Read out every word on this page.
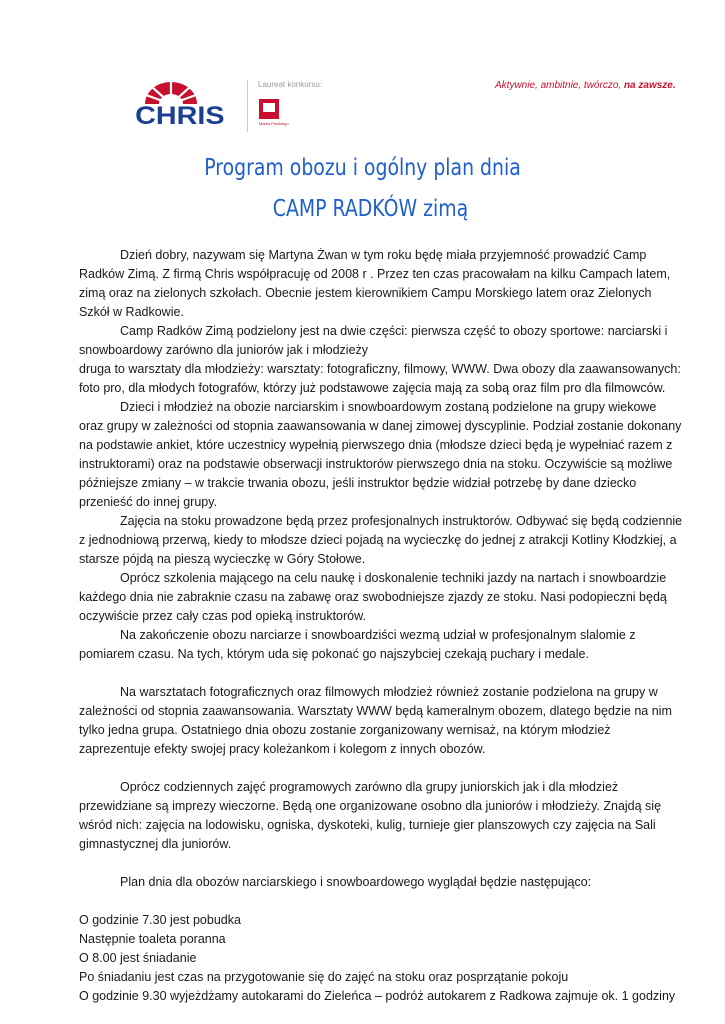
CHRIS
Laureat konkursu:
Marka Polskiego
Aktywnie, ambitnie, twórczo, na zawsze.
Program obozu i ogólny plan dnia
CAMP RADKÓW zimą

Dzień dobry, nazywam się Martyna Żwan w tym roku będę miała przyjemność prowadzić Camp Radków Zimą. Z firmą Chris współpracuję od 2008 r . Przez ten czas pracowałam na kilku Campach latem, zimą oraz na zielonych szkołach. Obecnie jestem kierownikiem Campu Morskiego latem oraz Zielonych Szkół w Radkowie.

Camp Radków Zimą podzielony jest na dwie części: pierwsza część to obozy sportowe: narciarski i snowboardowy zarówno dla juniorów jak i młodzieży

druga to warsztaty dla młodzieży: warsztaty: fotograficzny, filmowy, WWW. Dwa obozy dla zaawansowanych: foto pro, dla młodych fotografów, którzy już podstawowe zajęcia mają za sobą oraz film pro dla filmowców.

Dzieci i młodzież na obozie narciarskim i snowboardowym zostaną podzielone na grupy wiekowe oraz grupy w zależności od stopnia zaawansowania w danej zimowej dyscyplinie. Podział zostanie dokonany na podstawie ankiet, które uczestnicy wypełnią pierwszego dnia (młodsze dzieci będą je wypełniać razem z instruktorami) oraz na podstawie obserwacji instruktorów pierwszego dnia na stoku. Oczywiście są możliwe późniejsze zmiany – w trakcie trwania obozu, jeśli instruktor będzie widział potrzebę by dane dziecko przenieść do innej grupy.

Zajęcia na stoku prowadzone będą przez profesjonalnych instruktorów. Odbywać się będą codziennie z jednodniową przerwą, kiedy to młodsze dzieci pojadą na wycieczkę do jednej z atrakcji Kotliny Kłodzkiej, a starsze pójdą na pieszą wycieczkę w Góry Stołowe.

Oprócz szkolenia mającego na celu naukę i doskonalenie techniki jazdy na nartach i snowboardzie każdego dnia nie zabraknie czasu na zabawę oraz swobodniejsze zjazdy ze stoku. Nasi podopieczni będą oczywiście przez cały czas pod opieką instruktorów.

Na zakończenie obozu narciarze i snowboardziści wezmą udział w profesjonalnym slalomie z pomiarem czasu. Na tych, którym uda się pokonać go najszybciej czekają puchary i medale.

Na warsztatach fotograficznych oraz filmowych młodzież również zostanie podzielona na grupy w zależności od stopnia zaawansowania. Warsztaty WWW będą kameralnym obozem, dlatego będzie na nim tylko jedna grupa. Ostatniego dnia obozu zostanie zorganizowany wernisaż, na którym młodzież zaprezentuje efekty swojej pracy koleżankom i kolegom z innych obozów.

Oprócz codziennych zajęć programowych zarówno dla grupy juniorskich jak i dla młodzież przewidziane są imprezy wieczorne. Będą one organizowane osobno dla juniorów i młodzieży. Znajdą się wśród nich: zajęcia na lodowisku, ogniska, dyskoteki, kulig, turnieje gier planszowych czy zajęcia na Sali gimnastycznej dla juniorów.

Plan dnia dla obozów narciarskiego i snowboardowego wyglądał będzie następująco:

O godzinie 7.30 jest pobudka

Następnie toaleta poranna

O 8.00 jest śniadanie

Po śniadaniu jest czas na przygotowanie się do zajęć na stoku oraz posprzątanie pokoju

O godzinie 9.30 wyjeżdżamy autokarami do Zieleńca – podróż autokarem z Radkowa zajmuje ok. 1 godziny
